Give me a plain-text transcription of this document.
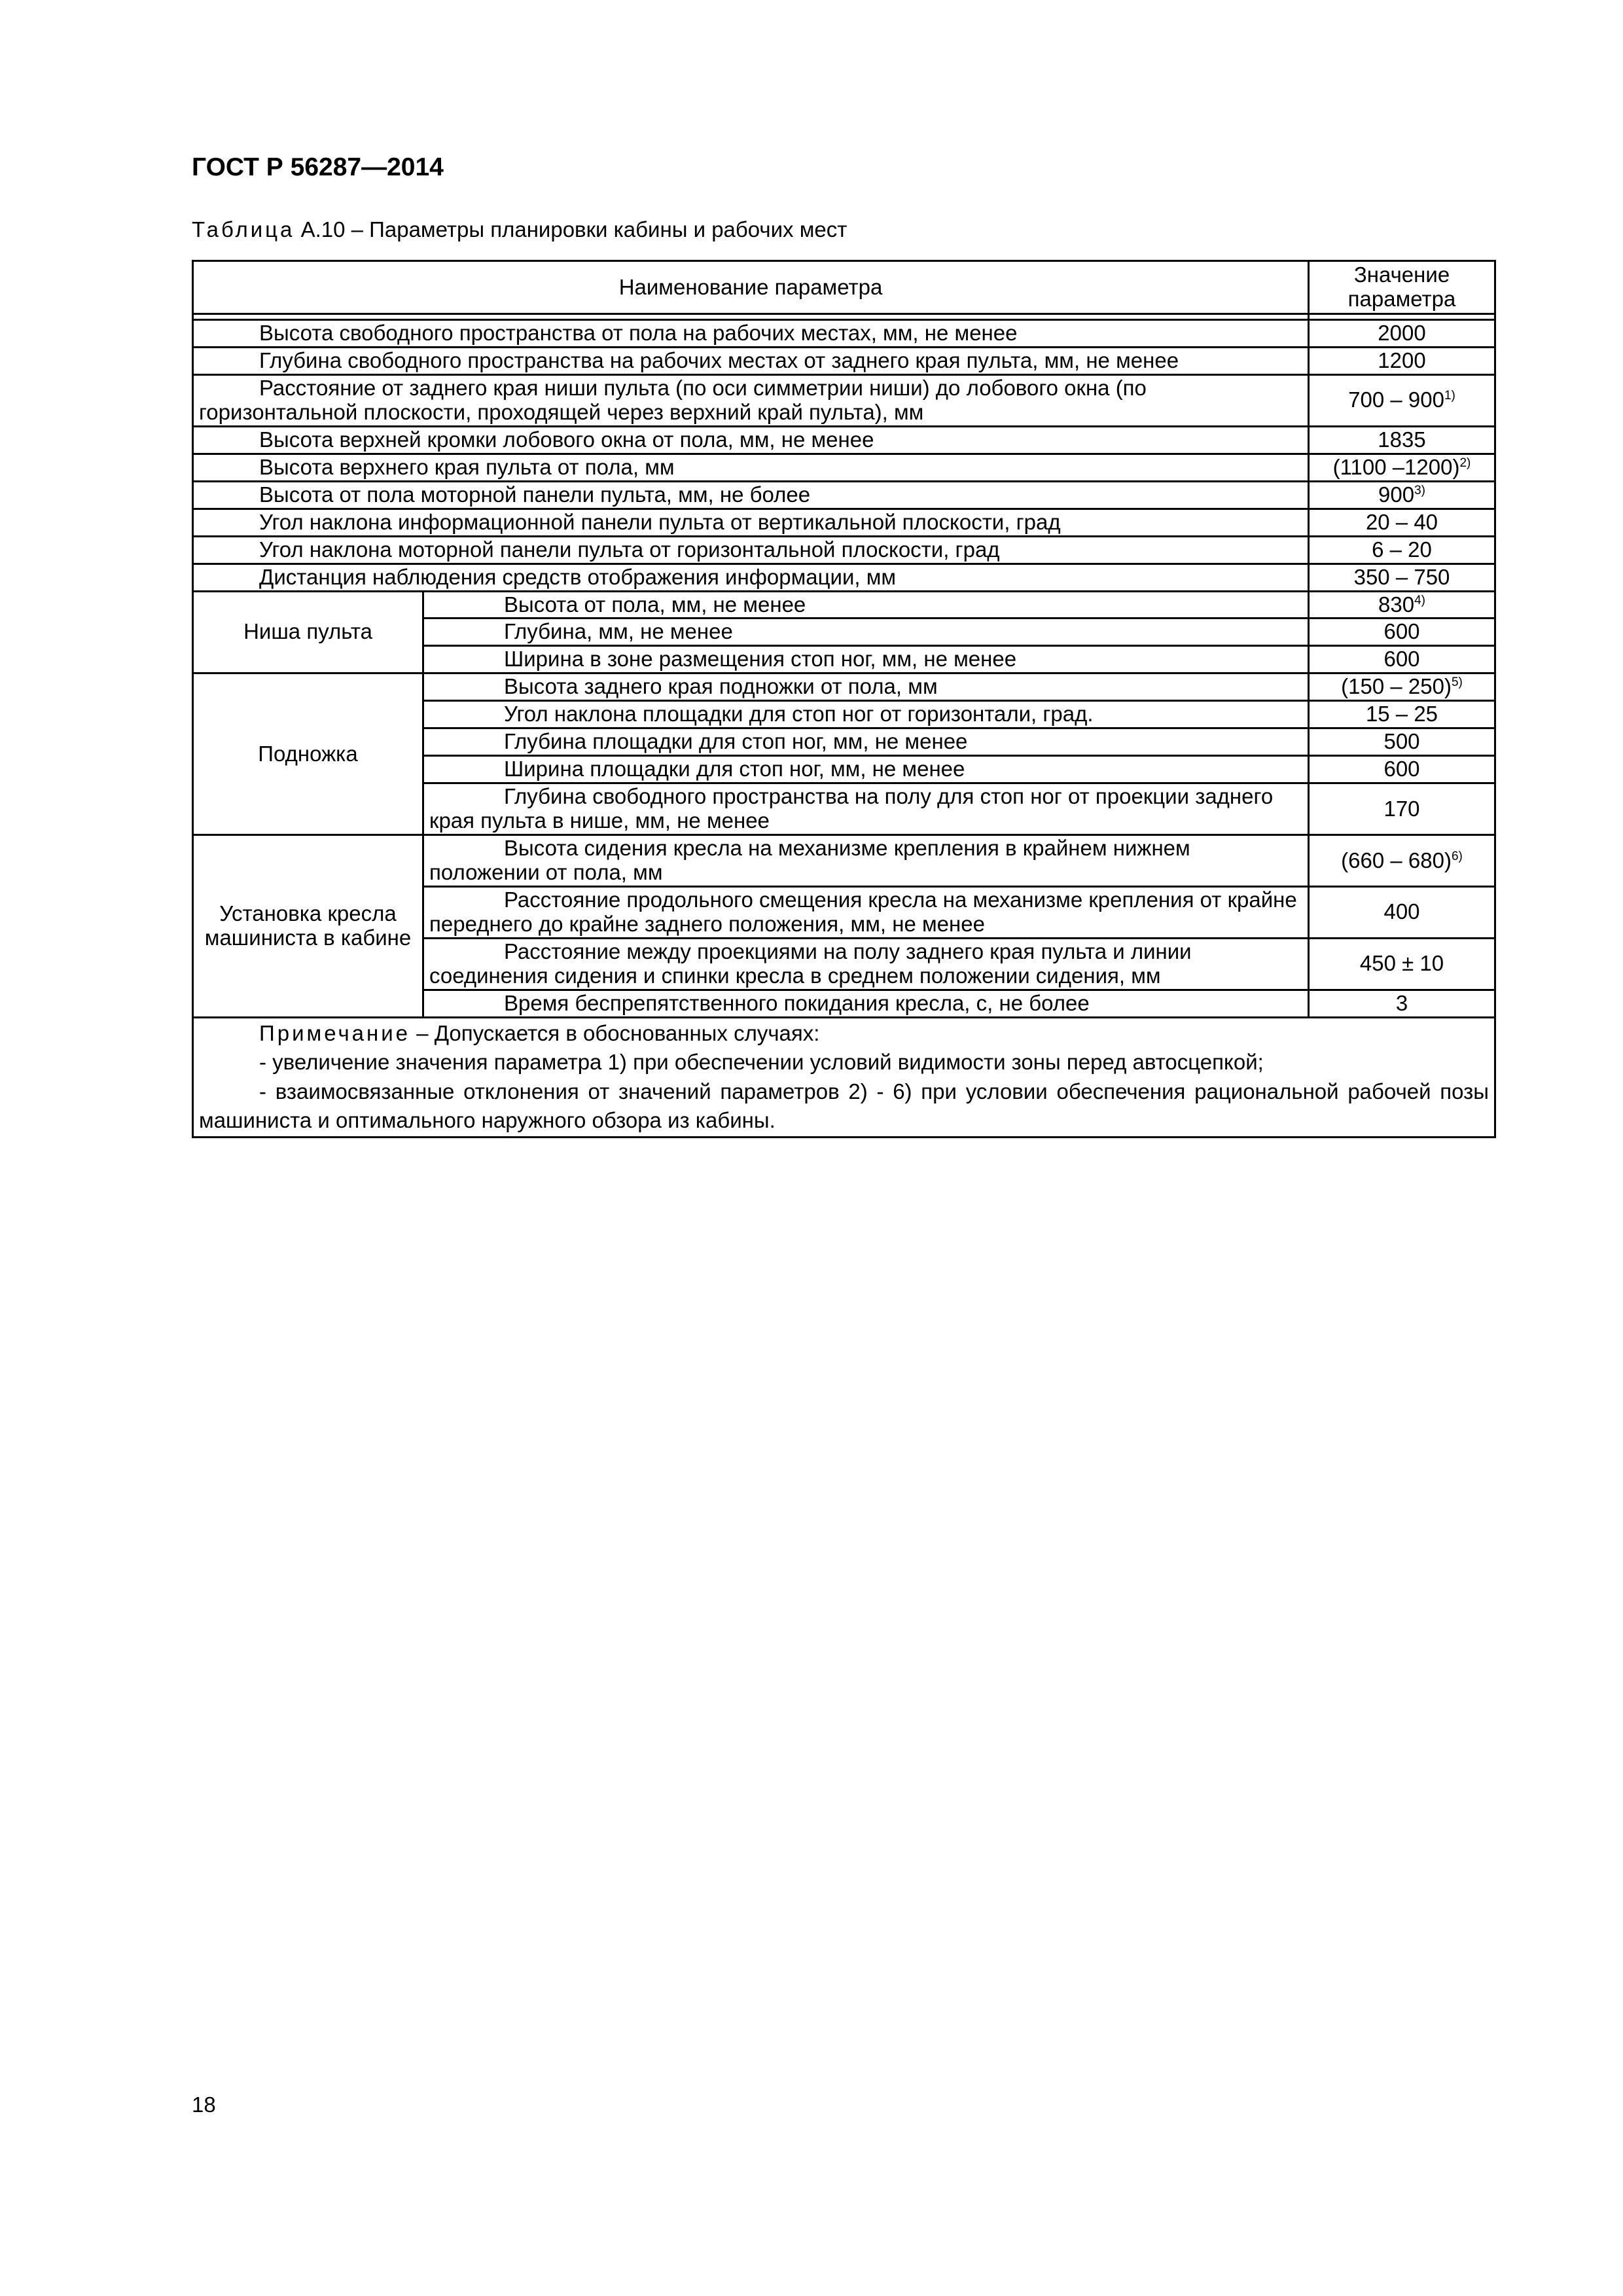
ГОСТ Р 56287—2014
Таблица А.10 – Параметры планировки кабины и рабочих мест
Наименование параметра		Значение параметра

Высота свободного пространства от пола на рабочих местах, мм, не менее		2000
Глубина свободного пространства на рабочих местах от заднего края пульта, мм, не менее		1200
Расстояние от заднего края ниши пульта (по оси симметрии ниши) до лобового окна (по горизонтальной плоскости, проходящей через верхний край пульта), мм		700 – 900$^{1)}$
Высота верхней кромки лобового окна от пола, мм, не менее		1835
Высота верхнего края пульта от пола, мм		(1100 –1200)$^{2)}$
Высота от пола моторной панели пульта, мм, не более		900$^{3)}$
Угол наклона информационной панели пульта от вертикальной плоскости, град		20 – 40
Угол наклона моторной панели пульта от горизонтальной плоскости, град		6 – 20
Дистанция наблюдения средств отображения информации, мм		350 – 750
Ниша пульта	Высота от пола, мм, не менее	830$^{4)}$
	Глубина, мм, не менее	600
	Ширина в зоне размещения стоп ног, мм, не менее	600
Подножка	Высота заднего края подножки от пола, мм	(150 – 250)$^{5)}$
	Угол наклона площадки для стоп ног от горизонтали, град.	15 – 25
	Глубина площадки для стоп ног, мм, не менее	500
	Ширина площадки для стоп ног, мм, не менее	600
	Глубина свободного пространства на полу для стоп ног от проекции заднего края пульта в нише, мм, не менее	170
Установка кресла машиниста в кабине	Высота сидения кресла на механизме крепления в крайнем нижнем положении от пола, мм	(660 – 680)$^{6)}$
	Расстояние продольного смещения кресла на механизме крепления от крайне переднего до крайне заднего положения, мм, не менее	400
	Расстояние между проекциями на полу заднего края пульта и линии соединения сидения и спинки кресла в среднем положении сидения, мм	450 ± 10
	Время беспрепятственного покидания кресла, с, не более	3

Примечание – Допускается в обоснованных случаях:

- увеличение значения параметра 1) при обеспечении условий видимости зоны перед автосцепкой;

- взаимосвязанные отклонения от значений параметров 2) - 6) при условии обеспечения рациональной рабочей позы машиниста и оптимального наружного обзора из кабины.		

18
